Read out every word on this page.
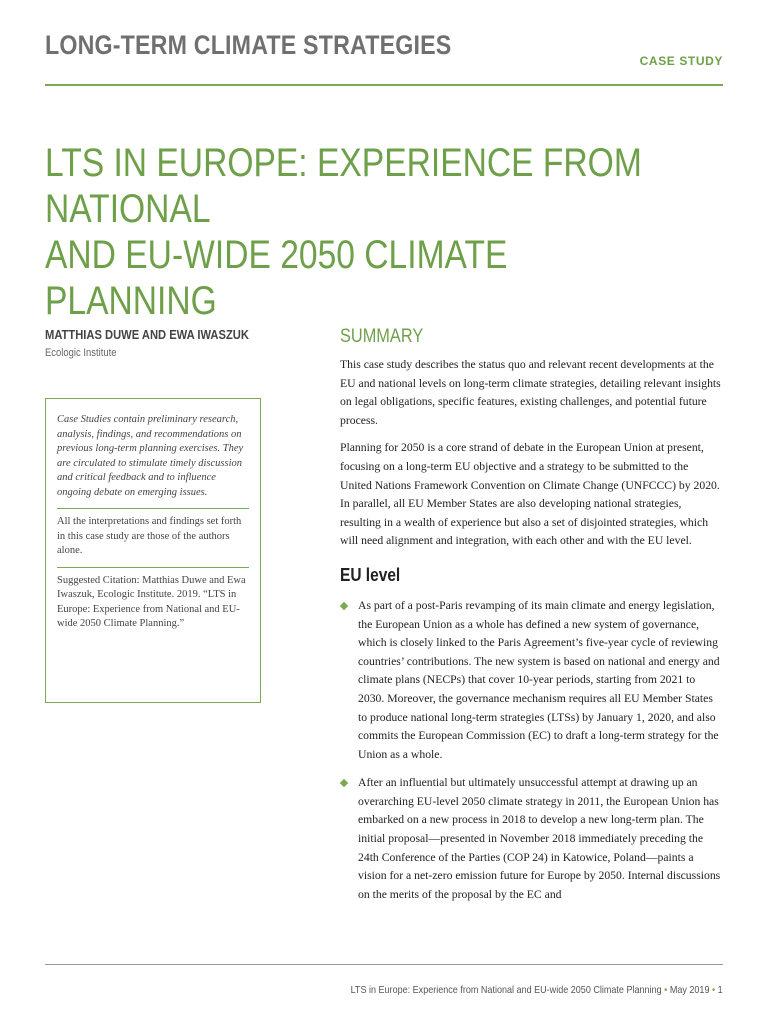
LONG-TERM CLIMATE STRATEGIES
CASE STUDY
LTS IN EUROPE: EXPERIENCE FROM NATIONAL
AND EU-WIDE 2050 CLIMATE PLANNING
MATTHIAS DUWE AND EWA IWASZUK
Ecologic Institute

Case Studies contain preliminary research, analysis, findings, and recommendations on previous long-term planning exercises. They are circulated to stimulate timely discussion and critical feedback and to influence ongoing debate on emerging issues.

All the interpretations and findings set forth in this case study are those of the authors alone.

Suggested Citation: Matthias Duwe and Ewa Iwaszuk, Ecologic Institute. 2019. “LTS in Europe: Experience from National and EU-wide 2050 Climate Planning.”

SUMMARY

This case study describes the status quo and relevant recent developments at the EU and national levels on long-term climate strategies, detailing relevant insights on legal obligations, specific features, existing challenges, and potential future process.

Planning for 2050 is a core strand of debate in the European Union at present, focusing on a long-term EU objective and a strategy to be submitted to the United Nations Framework Convention on Climate Change (UNFCCC) by 2020. In parallel, all EU Member States are also developing national strategies, resulting in a wealth of experience but also a set of disjointed strategies, which will need alignment and integration, with each other and with the EU level.

EU level

As part of a post-Paris revamping of its main climate and energy legislation, the European Union as a whole has defined a new system of governance, which is closely linked to the Paris Agreement’s five-year cycle of reviewing countries’ contributions. The new system is based on national and energy and climate plans (NECPs) that cover 10-year periods, starting from 2021 to 2030. Moreover, the governance mechanism requires all EU Member States to produce national long-term strategies (LTSs) by January 1, 2020, and also commits the European Commission (EC) to draft a long-term strategy for the Union as a whole.

After an influential but ultimately unsuccessful attempt at drawing up an overarching EU-level 2050 climate strategy in 2011, the European Union has embarked on a new process in 2018 to develop a new long-term plan. The initial proposal—presented in November 2018 immediately preceding the 24th Conference of the Parties (COP 24) in Katowice, Poland—paints a vision for a net-zero emission future for Europe by 2050. Internal discussions on the merits of the proposal by the EC and

LTS in Europe: Experience from National and EU-wide 2050 Climate Planning • May 2019 • 1
